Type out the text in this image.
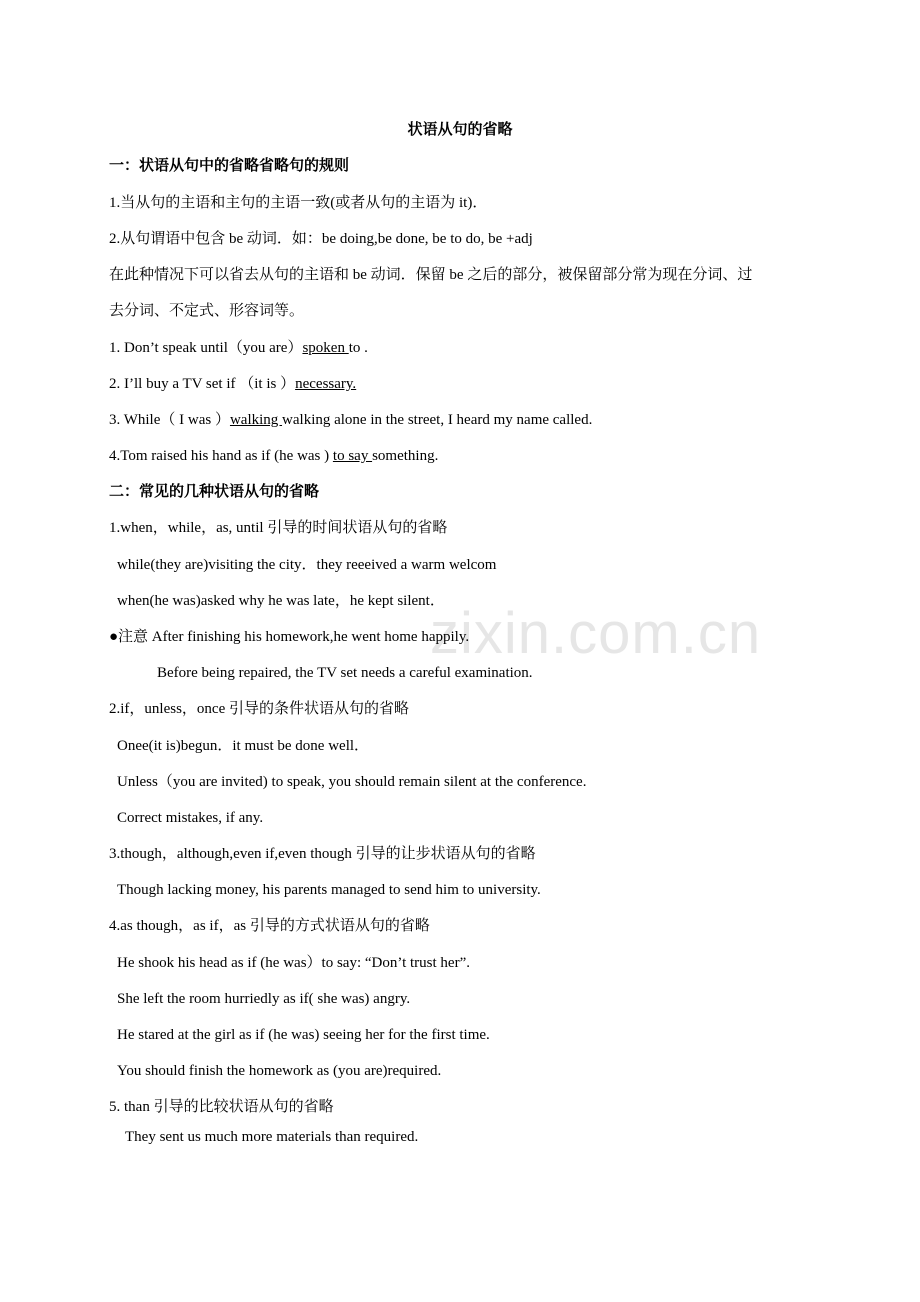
zixin.com.cn
状语从句的省略
一：状语从句中的省略省略句的规则
1.当从句的主语和主句的主语一致(或者从句的主语为 it)．
2.从句谓语中包含 be 动词．如：be doing,be done, be to do, be +adj
在此种情况下可以省去从句的主语和 be 动词．保留 be 之后的部分，被保留部分常为现在分词、过
去分词、不定式、形容词等。
1. Don’t speak until（you are）spoken to .
2. I’ll buy a TV set if （it is ）necessary.
3. While（ I was ）walking walking alone in the street, I heard my name called.
4.Tom raised his hand as if (he was ) to say something.
二：常见的几种状语从句的省略
1.when，while，as, until 引导的时间状语从句的省略
while(they are)visiting the city．they reeeived a warm welcom
when(he was)asked why he was late，he kept silent．
●注意 After finishing his homework,he went home happily.
Before being repaired, the TV set needs a careful examination.
2.if，unless，once 引导的条件状语从句的省略
Onee(it is)begun．it must be done well．
Unless（you are invited) to speak, you should remain silent at the conference.
Correct mistakes, if any.
3.though，although,even if,even though 引导的让步状语从句的省略
Though lacking money, his parents managed to send him to university.
4.as though，as if，as 引导的方式状语从句的省略
He shook his head as if (he was）to say: “Don’t trust her”.
She left the room hurriedly as if( she was) angry.
He stared at the girl as if (he was) seeing her for the first time.
You should finish the homework as (you are)required.
5. than 引导的比较状语从句的省略
They sent us much more materials than required.
